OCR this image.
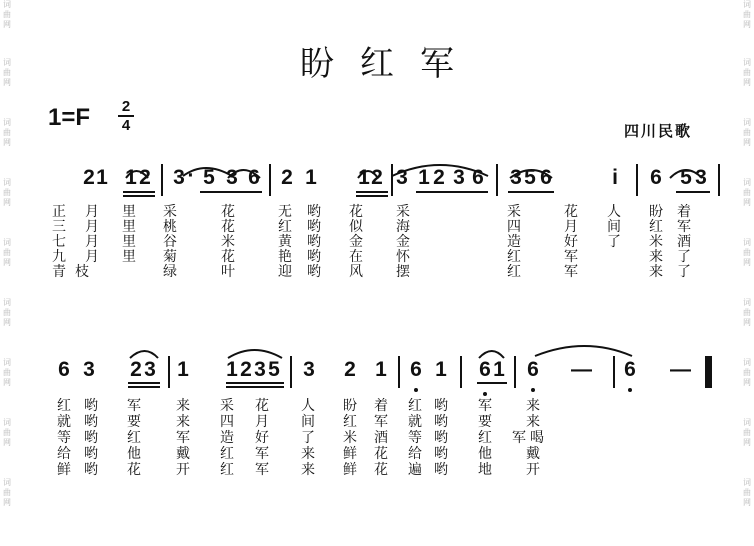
词
曲
网
词
曲
网
词
曲
网
词
曲
网
词
曲
网
词
曲
网
词
曲
网
词
曲
网
词
曲
网
词
曲
网
词
曲
网
词
曲
网
词
曲
网
词
曲
网
词
曲
网
词
曲
网
词
曲
网
词
曲
网
盼红军
1=F 2
4	四川民歌
2 1 1 2 3 · 5 3 6 2 1 1 2 3 1 2 3 6 3 5 6	i	6 5 3
正 月 里 采	花	无 哟 花 采	采	花 人 盼 着
三 月 里 桃	花	红 哟 似 海	四	月 间 红 军
七 月 里 谷	米	黄 哟 金 金	造	好 了 米 酒
九 月 里 菊	花	艳 哟 在 怀	红	军	来 了
青 枝	绿	叶	迎 哟 风 摆	红	军	来 了
6 3 2 3 1 1 2 3 5 3 2 1 6 1 6 1 6 — 6 —
红 哟 军	来 采 花 人 盼 着 红 哟 军 来
就 哟 要	来 四 月 间 红 军 就 哟 要 来
等 哟 红	军 造 好 了 米 酒 等 哟 红 军 喝
给 哟 他	戴 红 军 来 鲜 花 给 哟 他 戴
鲜 哟 花	开 红 军 来 鲜 花 遍 哟 地 开
